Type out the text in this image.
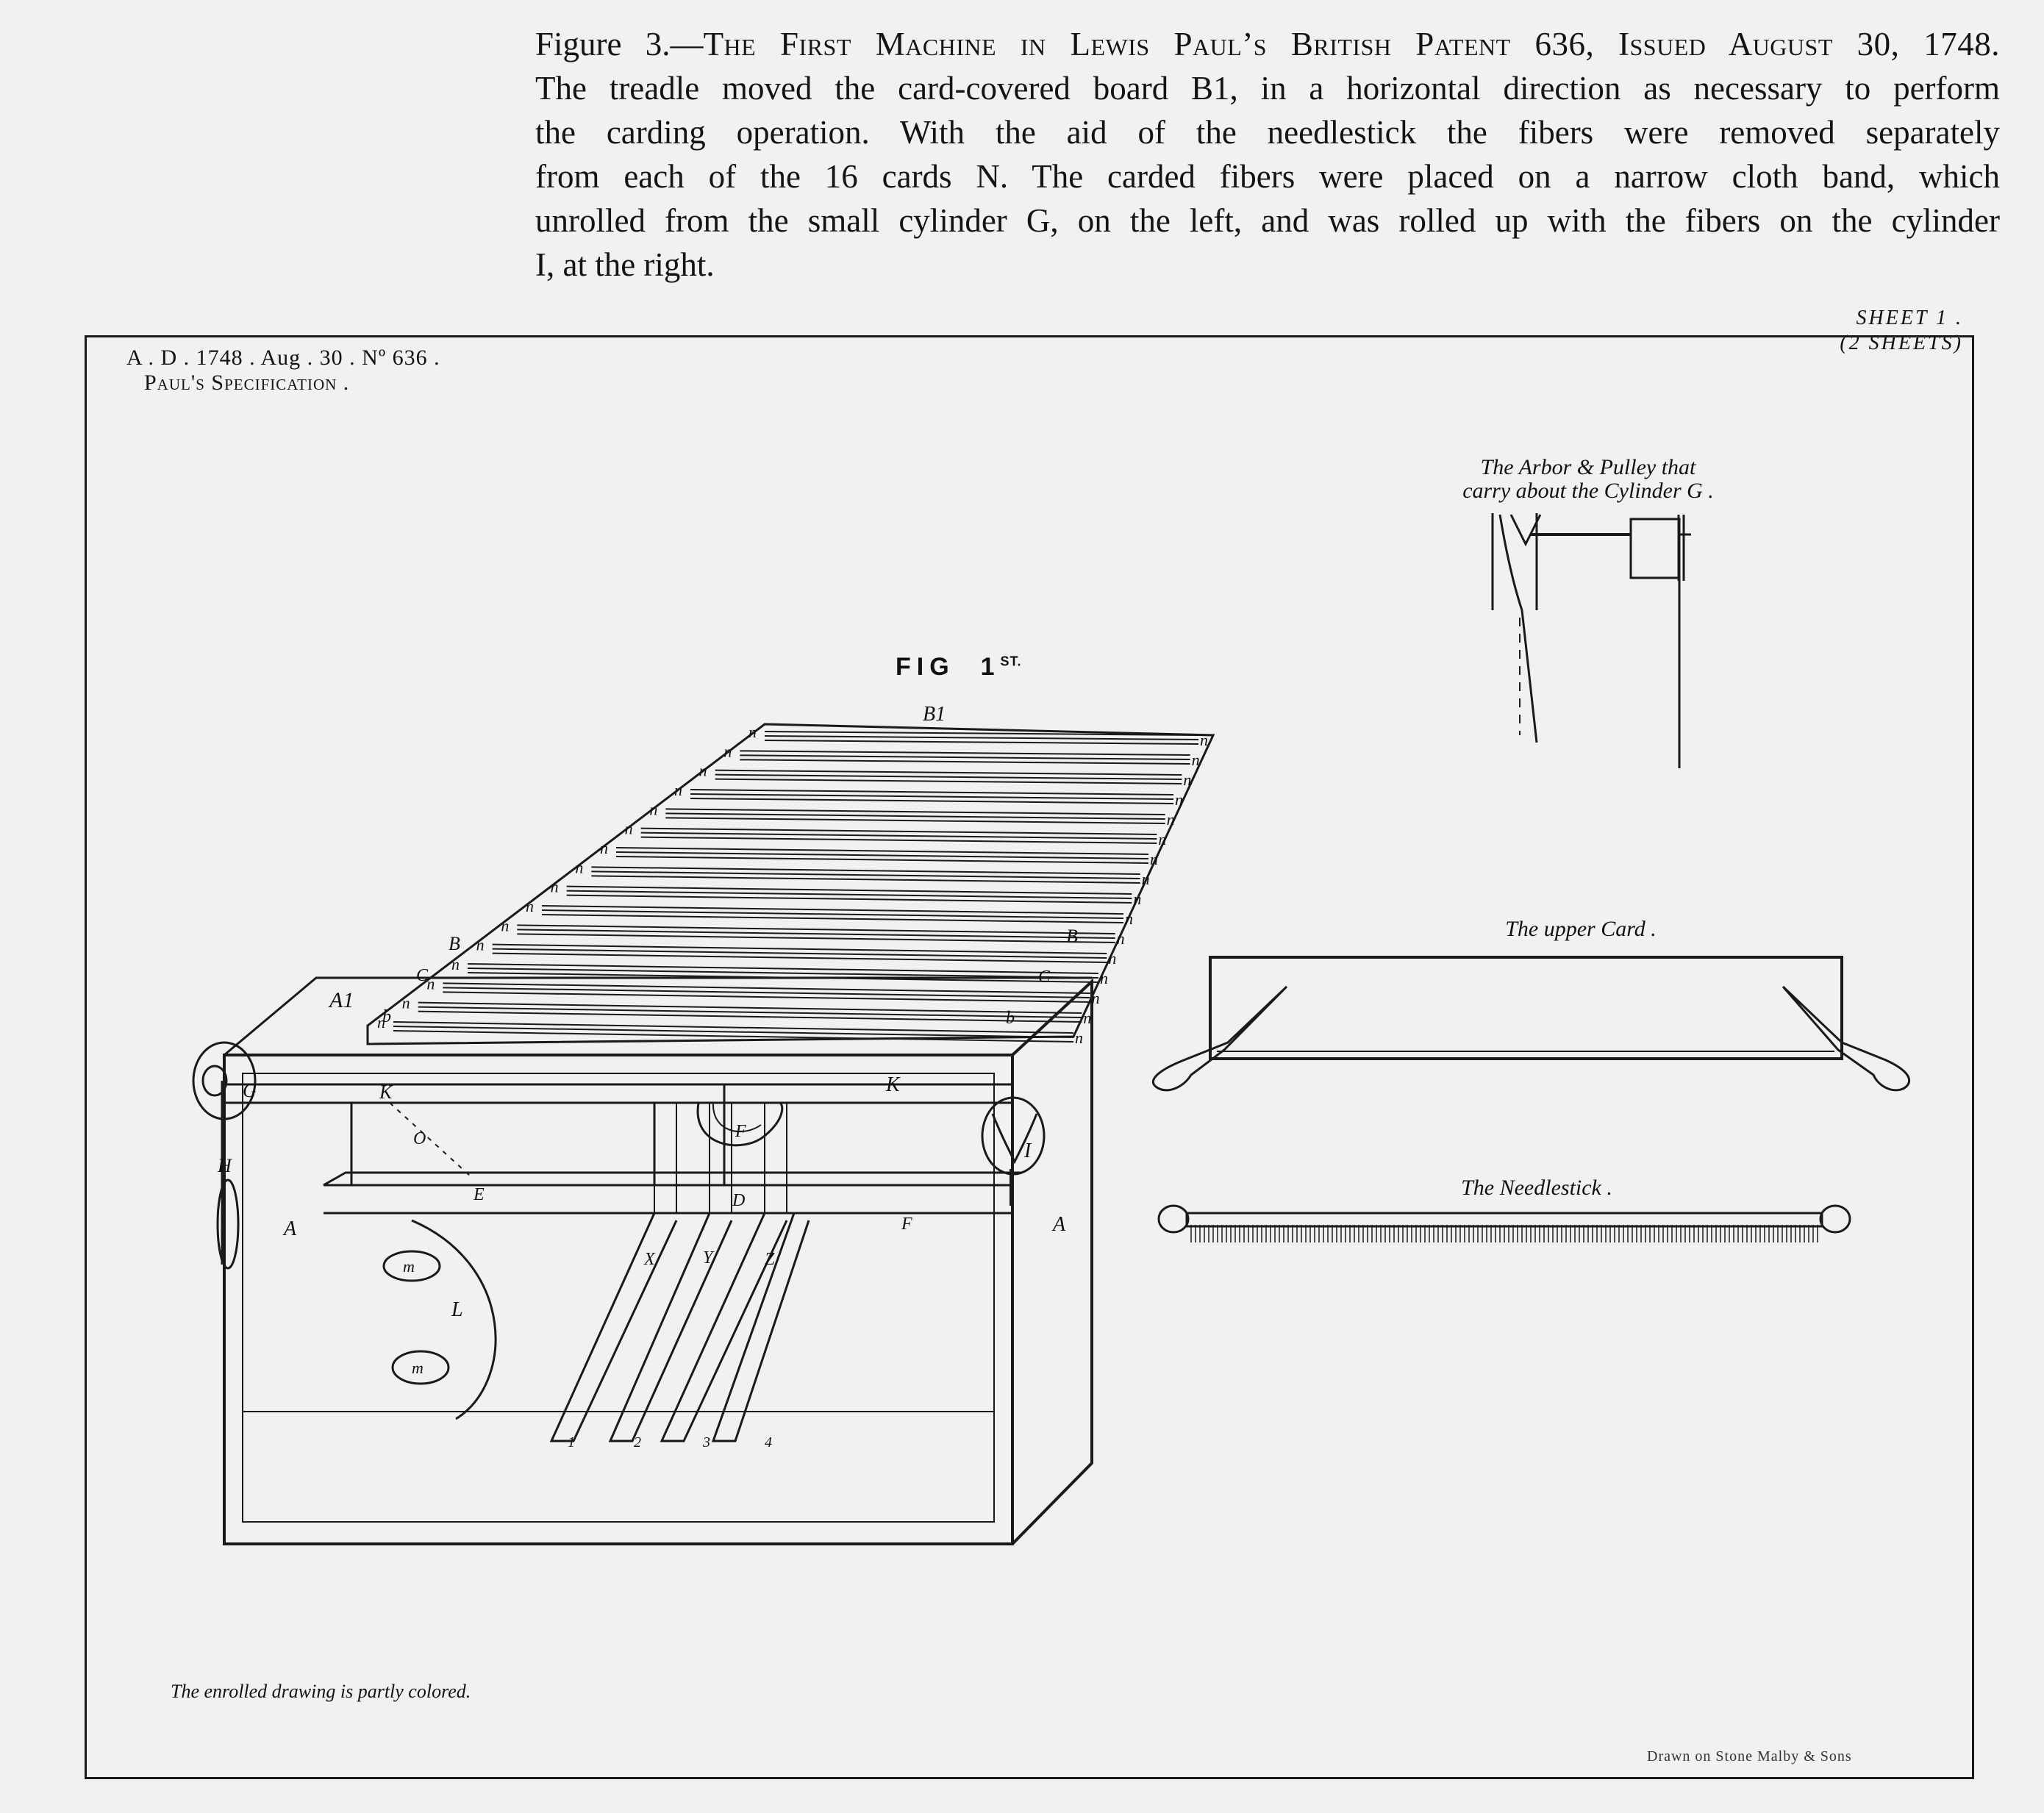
Figure 3.—The First Machine in Lewis Paul’s British Patent 636, Issued August 30, 1748.
The treadle moved the card-covered board B1, in a horizontal direction as necessary to perform
the carding operation. With the aid of the needlestick the fibers were removed separately
from each of the 16 cards N. The carded fibers were placed on a narrow cloth band, which
unrolled from the small cylinder G, on the left, and was rolled up with the fibers on the cylinder
I, at the right.
A . D . 1748 . Aug . 30 . Nº 636 .
Paul's Specification .
SHEET 1 .
(2 SHEETS)
FIG $1^{ST.}$
The Arbor & Pulley that
carry about the Cylinder G .
The upper Card .
The Needlestick .
The enrolled drawing is partly colored.
Drawn on Stone Malby & Sons
B1
B	B
C	C
b	b
A1
G
H
K	K
O
E
F
F
D
I
A	A
X	Y	Z
L
m
m
1	2	3	4
n	n
n	n
n	n
n
n
n
n
n
n
n
n
n
n
n
n
n
n
n
n
n
n
n
n
n
n
n
n
n
n
